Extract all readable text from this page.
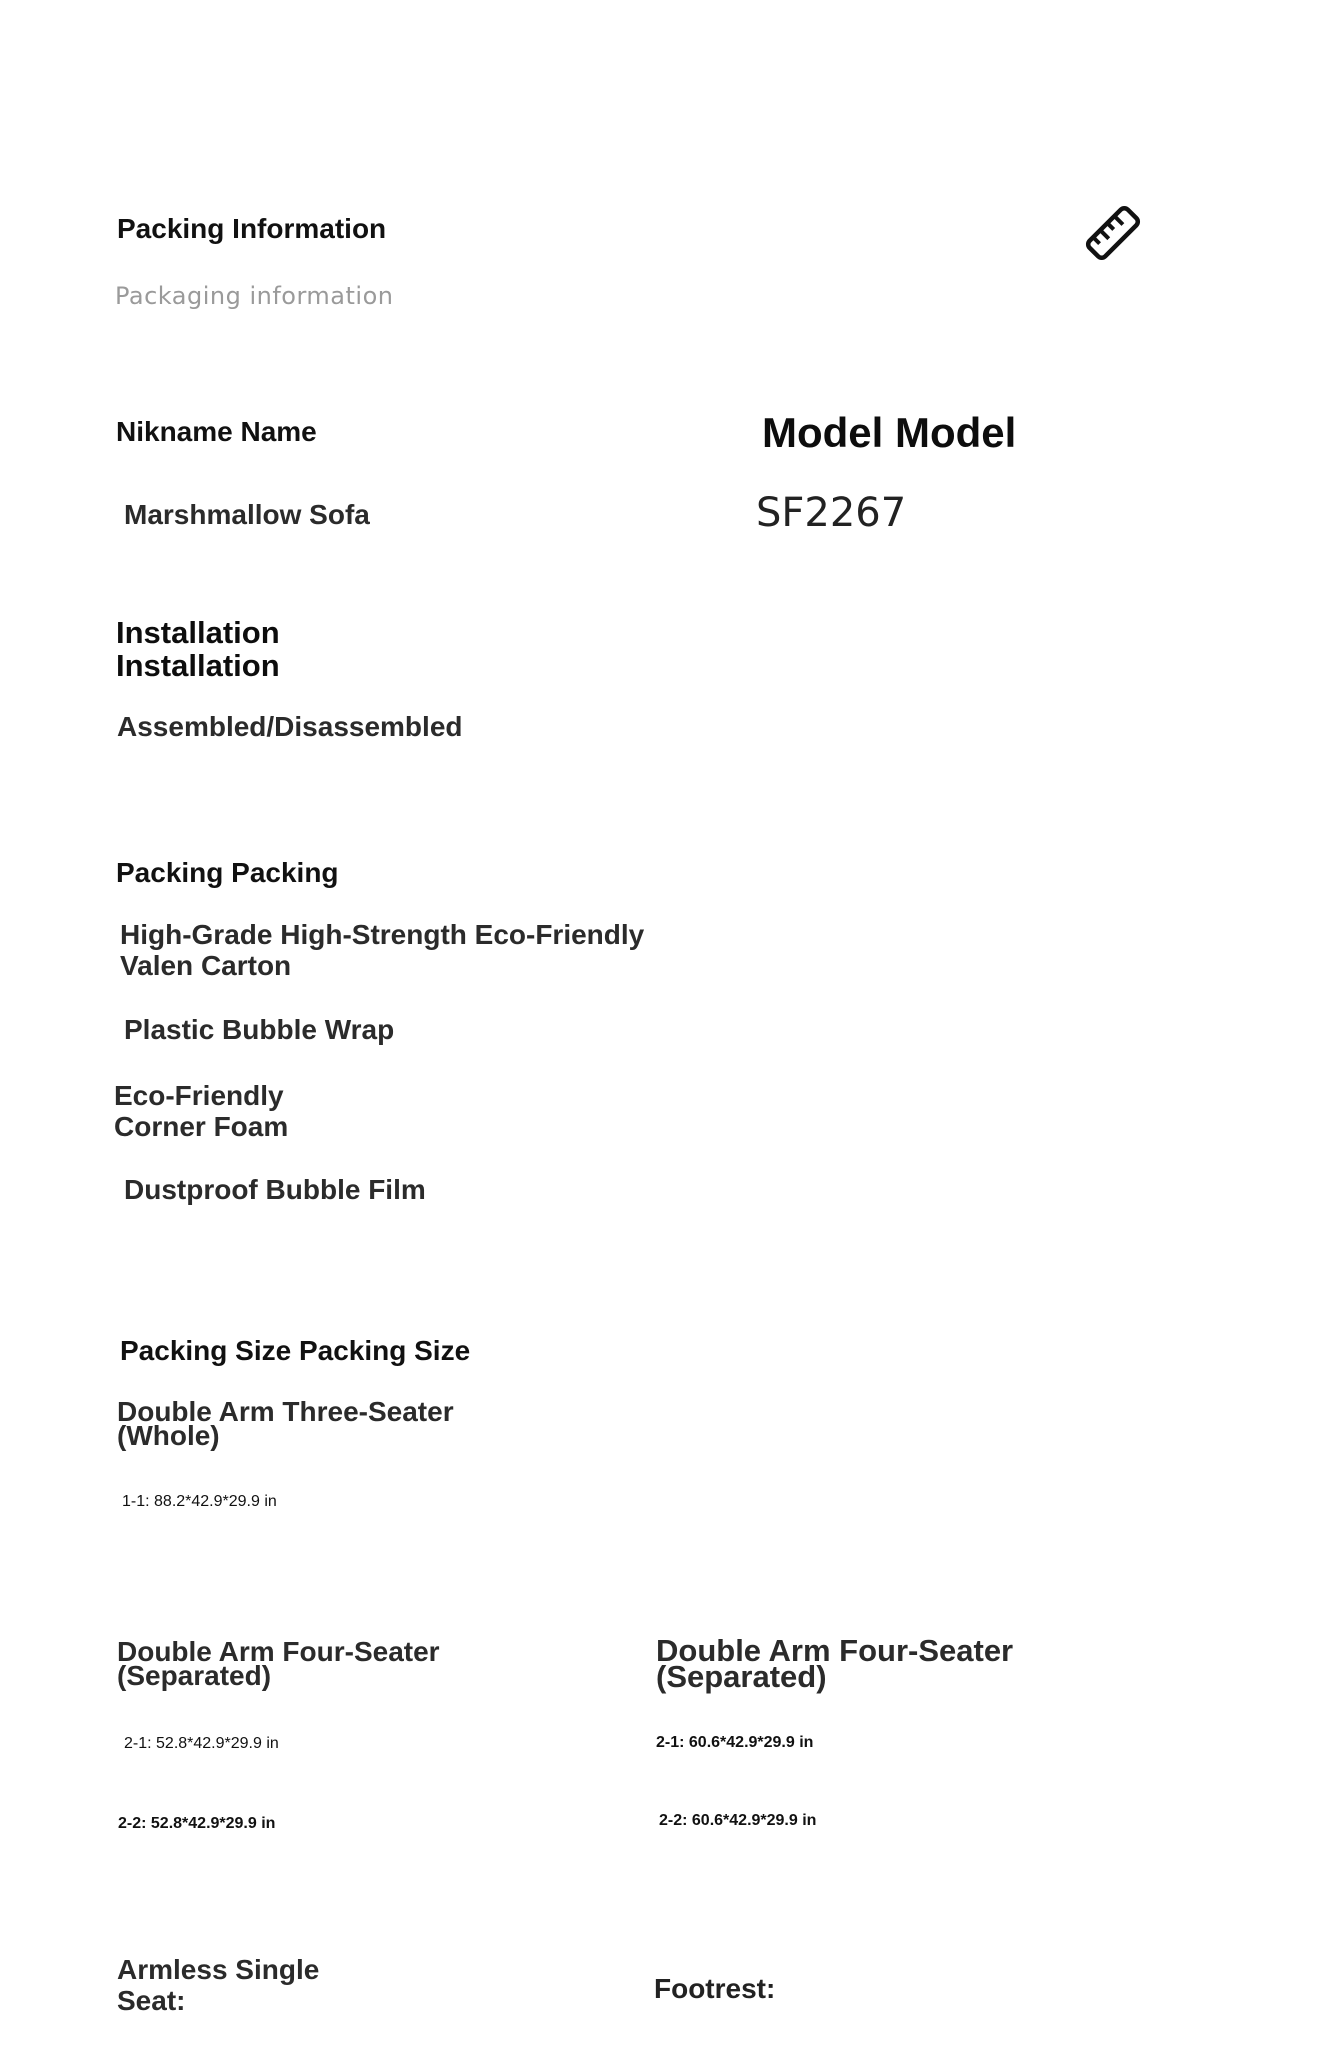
Packing Information
Packaging information
Nikname Name
Marshmallow Sofa
Model Model
SF2267
Installation
Installation
Assembled/Disassembled
Packing Packing
High-Grade High-Strength Eco-Friendly
Valen Carton
Plastic Bubble Wrap
Eco-Friendly
Corner Foam
Dustproof Bubble Film
Packing Size Packing Size
Double Arm Three-Seater
(Whole)
1-1: 88.2*42.9*29.9 in
Double Arm Four-Seater
(Separated)
2-1: 52.8*42.9*29.9 in
2-2: 52.8*42.9*29.9 in
Double Arm Four-Seater
(Separated)
2-1: 60.6*42.9*29.9 in
2-2: 60.6*42.9*29.9 in
Armless Single
Seat:	Footrest:
